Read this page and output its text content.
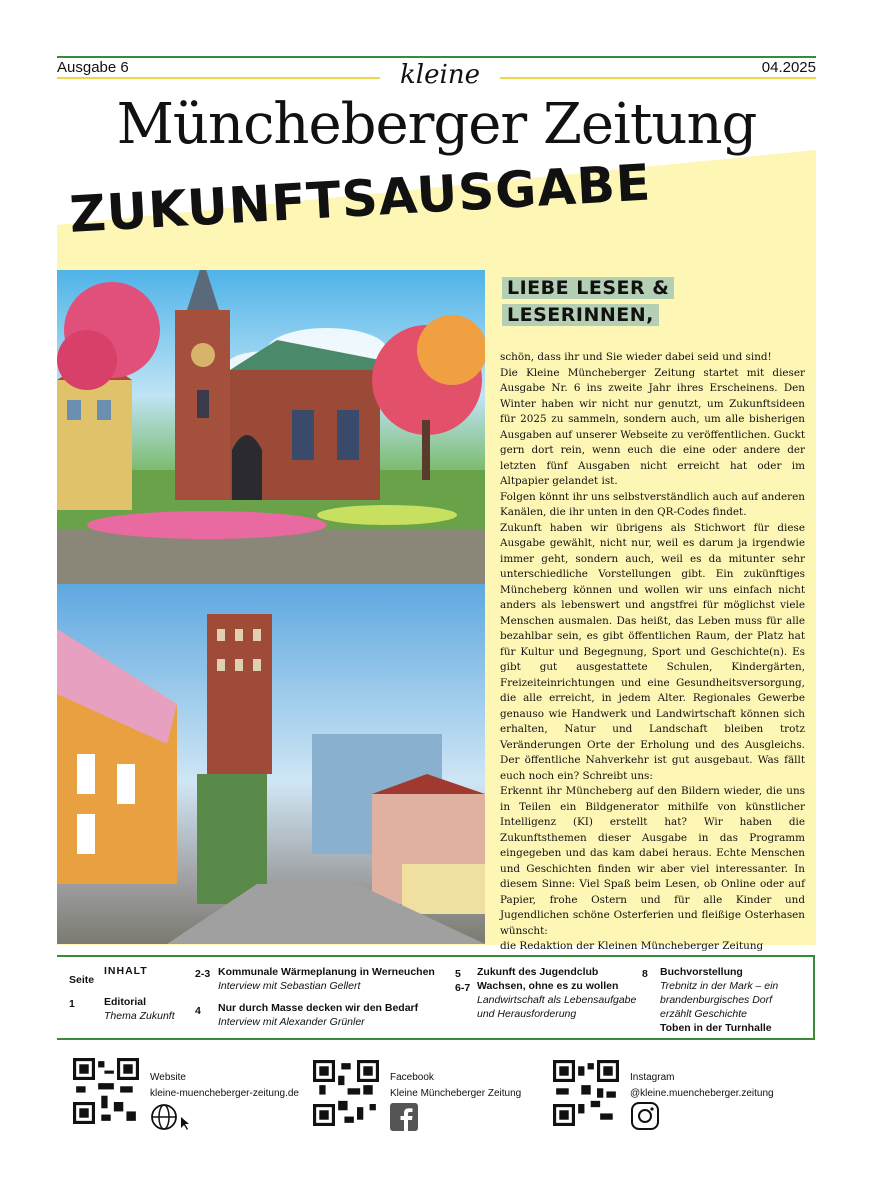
Ausgabe 6	04.2025
kleine
Müncheberger Zeitung
ZUKUNFTSAUSGABE
LIEBE LESER &
LESERINNEN,

schön, dass ihr und Sie wieder dabei seid und sind!

Die Kleine Müncheberger Zeitung startet mit dieser Ausgabe Nr. 6 ins zweite Jahr ihres Erscheinens. Den Winter haben wir nicht nur genutzt, um Zukunftsideen für 2025 zu sammeln, sondern auch, um alle bisherigen Ausgaben auf unserer Webseite zu veröffentlichen. Guckt gern dort rein, wenn euch die eine oder andere der letzten fünf Ausgaben nicht erreicht hat oder im Altpapier gelandet ist.

Folgen könnt ihr uns selbstverständlich auch auf anderen Kanälen, die ihr unten in den QR-Codes findet.

Zukunft haben wir übrigens als Stichwort für diese Ausgabe gewählt, nicht nur, weil es darum ja irgendwie immer geht, sondern auch, weil es da mitunter sehr unterschiedliche Vorstellungen gibt. Ein zukünftiges Müncheberg können und wollen wir uns einfach nicht anders als lebenswert und angstfrei für möglichst viele Menschen ausmalen. Das heißt, das Leben muss für alle bezahlbar sein, es gibt öffentlichen Raum, der Platz hat für Kultur und Begegnung, Sport und Geschichte(n). Es gibt gut ausgestattete Schulen, Kindergärten, Freizeiteinrichtungen und eine Gesundheitsversorgung, die alle erreicht, in jedem Alter. Regionales Gewerbe genauso wie Handwerk und Landwirtschaft können sich erhalten, Natur und Landschaft bleiben trotz Veränderungen Orte der Erholung und des Ausgleichs. Der öffentliche Nahverkehr ist gut ausgebaut. Was fällt euch noch ein? Schreibt uns:

Erkennt ihr Müncheberg auf den Bildern wieder, die uns in Teilen ein Bildgenerator mithilfe von künstlicher Intelligenz (KI) erstellt hat? Wir haben die Zukunftsthemen dieser Ausgabe in das Programm eingegeben und das kam dabei heraus. Echte Menschen und Geschichten finden wir aber viel interessanter. In diesem Sinne: Viel Spaß beim Lesen, ob Online oder auf Papier, frohe Ostern und für alle Kinder und Jugendlichen schöne Osterferien und fleißige Osterhasen wünscht:

die Redaktion der Kleinen Müncheberger Zeitung

Seite
INHALT
1	Editorial
Thema Zukunft
2-3 Kommunale Wärmeplanung in Werneuchen
Interview mit Sebastian Gellert
4 Nur durch Masse decken wir den Bedarf
Interview mit Alexander Grünler
5 Zukunft des Jugendclub
6-7 Wachsen, ohne es zu wollen
Landwirtschaft als Lebensaufgabe und Herausforderung
8 Buchvorstellung
Trebnitz in der Mark – ein brandenburgisches Dorf erzählt Geschichte
Toben in der Turnhalle
Website
kleine-muencheberger-zeitung.de
Facebook
Kleine Müncheberger Zeitung
Instagram
@kleine.muencheberger.zeitung
